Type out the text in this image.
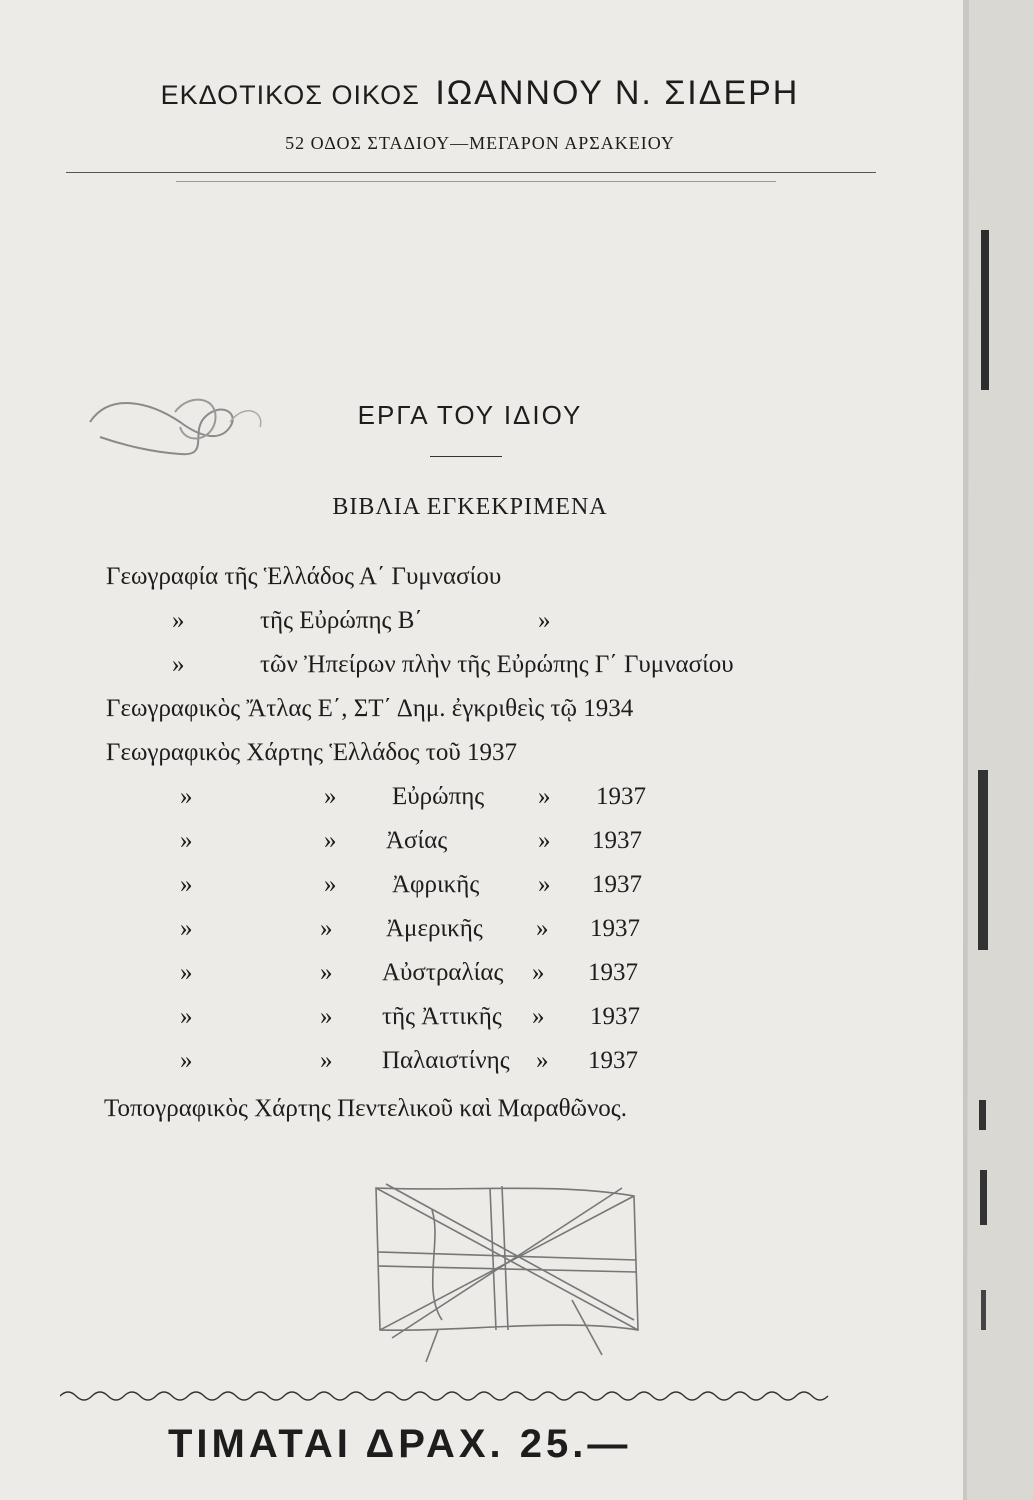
ΕΚΔΟΤΙΚΟΣ ΟΙΚΟΣ ΙΩΑΝΝΟΥ Ν. ΣΙΔΕΡΗ
52 ΟΔΟΣ ΣΤΑΔΙΟΥ—ΜΕΓΑΡΟΝ ΑΡΣΑΚΕΙΟΥ
ΕΡΓΑ ΤΟΥ ΙΔΙΟΥ
ΒΙΒΛΙΑ ΕΓΚΕΚΡΙΜΕΝΑ
Γεωγραφία τῆς Ἑλλάδος Α΄ Γυμνασίου
»	τῆς Εὐρώπης Β΄	»
»	τῶν Ἠπείρων πλὴν τῆς Εὐρώπης Γ΄ Γυμνασίου
Γεωγραφικὸς Ἄτλας Ε΄, ΣΤ΄ Δημ. ἐγκριθεὶς τῷ 1934
Γεωγραφικὸς Χάρτης Ἑλλάδος τοῦ 1937
»	» Εὐρώπης » 1937
»	» Ἀσίας	» 1937
»	» Ἀφρικῆς » 1937
»	» Ἀμερικῆς » 1937
»	» Αὐστραλίας » 1937
»	» τῆς Ἀττικῆς » 1937
»	» Παλαιστίνης » 1937
Τοπογραφικὸς Χάρτης Πεντελικοῦ καὶ Μαραθῶνος.
ΤΙΜΑΤΑΙ ΔΡΑΧ. 25.—
